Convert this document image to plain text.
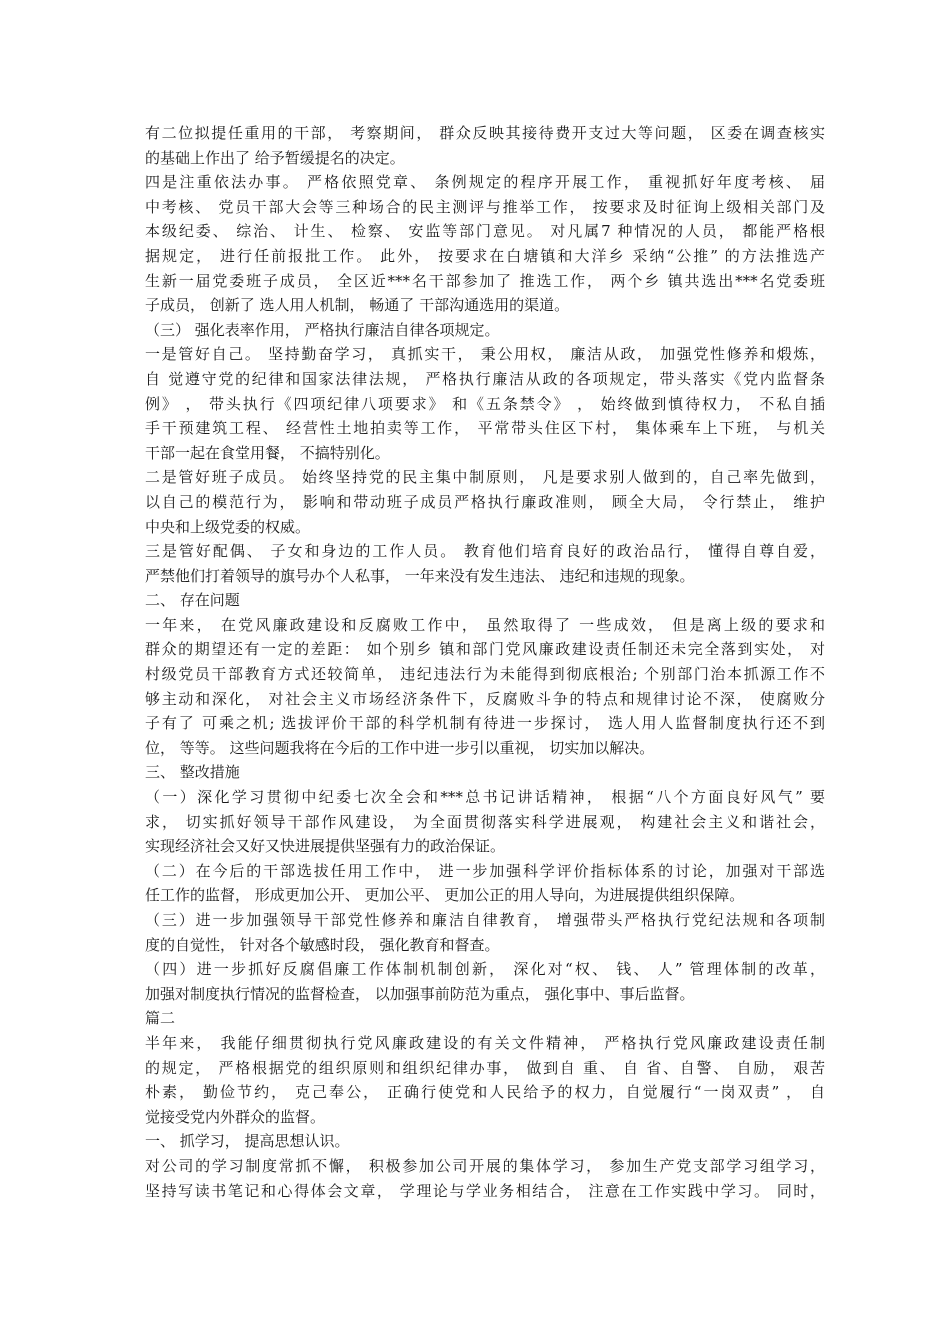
有二位拟提任重用的干部， 考察期间， 群众反映其接待费开支过大等问题， 区委在调查核实
的基础上作出了 给予暂缓提名的决定。
四是注重依法办事。 严格依照党章、 条例规定的程序开展工作， 重视抓好年度考核、 届
中考核、 党员干部大会等三种场合的民主测评与推举工作， 按要求及时征询上级相关部门及
本级纪委、 综治、 计生、 检察、 安监等部门意见。 对凡属7 种情况的人员， 都能严格根
据规定， 进行任前报批工作。 此外， 按要求在白塘镇和大洋乡 采纳“公推” 的方法推选产
生新一届党委班子成员， 全区近***名干部参加了 推选工作， 两个乡 镇共选出***名党委班
子成员， 创新了 选人用人机制， 畅通了 干部沟通选用的渠道。
（三） 强化表率作用， 严格执行廉洁自律各项规定。
一是管好自己。 坚持勤奋学习， 真抓实干， 秉公用权， 廉洁从政， 加强党性修养和煅炼，
自 觉遵守党的纪律和国家法律法规， 严格执行廉洁从政的各项规定，带头落实《党内监督条
例》 ， 带头执行《四项纪律八项要求》 和《五条禁令》 ， 始终做到慎待权力， 不私自插
手干预建筑工程、 经营性土地拍卖等工作， 平常带头住区下村， 集体乘车上下班， 与机关
干部一起在食堂用餐， 不搞特别化。
二是管好班子成员。 始终坚持党的民主集中制原则， 凡是要求别人做到的，自己率先做到，
以自己的模范行为， 影响和带动班子成员严格执行廉政准则， 顾全大局， 令行禁止， 维护
中央和上级党委的权威。
三是管好配偶、 子女和身边的工作人员。 教育他们培育良好的政治品行， 懂得自尊自爱，
严禁他们打着领导的旗号办个人私事， 一年来没有发生违法、 违纪和违规的现象。
二、 存在问题
一年来， 在党风廉政建设和反腐败工作中， 虽然取得了 一些成效， 但是离上级的要求和
群众的期望还有一定的差距： 如个别乡 镇和部门党风廉政建设责任制还未完全落到实处， 对
村级党员干部教育方式还较简单， 违纪违法行为未能得到彻底根治; 个别部门治本抓源工作不
够主动和深化， 对社会主义市场经济条件下，反腐败斗争的特点和规律讨论不深， 使腐败分
子有了 可乘之机; 选拔评价干部的科学机制有待进一步探讨， 选人用人监督制度执行还不到
位， 等等。 这些问题我将在今后的工作中进一步引以重视， 切实加以解决。
三、 整改措施
（一）深化学习贯彻中纪委七次全会和***总书记讲话精神， 根据“八个方面良好风气” 要
求， 切实抓好领导干部作风建设， 为全面贯彻落实科学进展观， 构建社会主义和谐社会，
实现经济社会又好又快进展提供坚强有力的政治保证。
（二）在今后的干部选拔任用工作中， 进一步加强科学评价指标体系的讨论，加强对干部选
任工作的监督， 形成更加公开、 更加公平、 更加公正的用人导向，为进展提供组织保障。
（三）进一步加强领导干部党性修养和廉洁自律教育， 增强带头严格执行党纪法规和各项制
度的自觉性， 针对各个敏感时段， 强化教育和督查。
（四）进一步抓好反腐倡廉工作体制机制创新， 深化对“权、 钱、 人” 管理体制的改革，
加强对制度执行情况的监督检查， 以加强事前防范为重点， 强化事中、事后监督。
篇二
半年来， 我能仔细贯彻执行党风廉政建设的有关文件精神， 严格执行党风廉政建设责任制
的规定， 严格根据党的组织原则和组织纪律办事， 做到自 重、 自 省、自警、 自励， 艰苦
朴素， 勤俭节约， 克己奉公， 正确行使党和人民给予的权力，自觉履行“一岗双责” ， 自
觉接受党内外群众的监督。
一、 抓学习， 提高思想认识。
对公司的学习制度常抓不懈， 积极参加公司开展的集体学习， 参加生产党支部学习组学习，
坚持写读书笔记和心得体会文章， 学理论与学业务相结合， 注意在工作实践中学习。 同时，
